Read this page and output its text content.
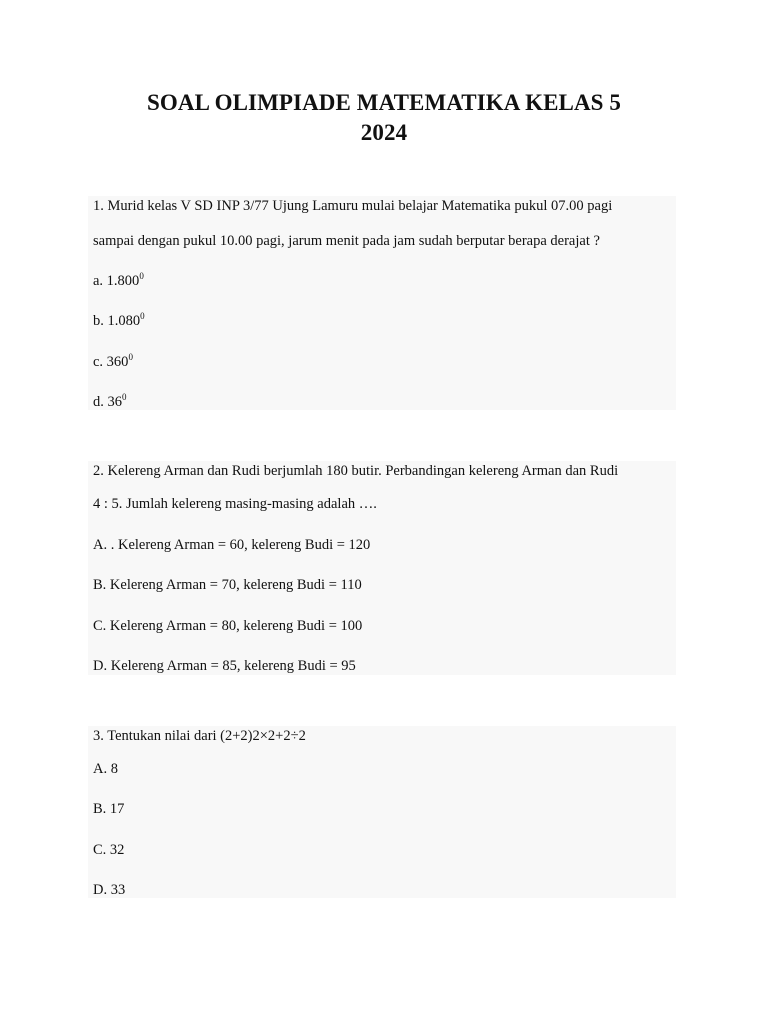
SOAL OLIMPIADE MATEMATIKA KELAS 5
2024
1. Murid kelas V SD INP 3/77 Ujung Lamuru mulai belajar Matematika pukul 07.00 pagi
sampai dengan pukul 10.00 pagi, jarum menit pada jam sudah berputar berapa derajat ?
a. 1.800$^0$
b. 1.080$^0$
c. $360^0$
d. $36^0$
2. Kelereng Arman dan Rudi berjumlah 180 butir. Perbandingan kelereng Arman dan Rudi
4 : 5. Jumlah kelereng masing-masing adalah ….
A. . Kelereng Arman = 60, kelereng Budi = 120
B. Kelereng Arman = 70, kelereng Budi = 110
C. Kelereng Arman = 80, kelereng Budi = 100
D. Kelereng Arman = 85, kelereng Budi = 95
3. Tentukan nilai dari (2+2)2×2+2÷2
A. 8
B. 17
C. 32
D. 33
